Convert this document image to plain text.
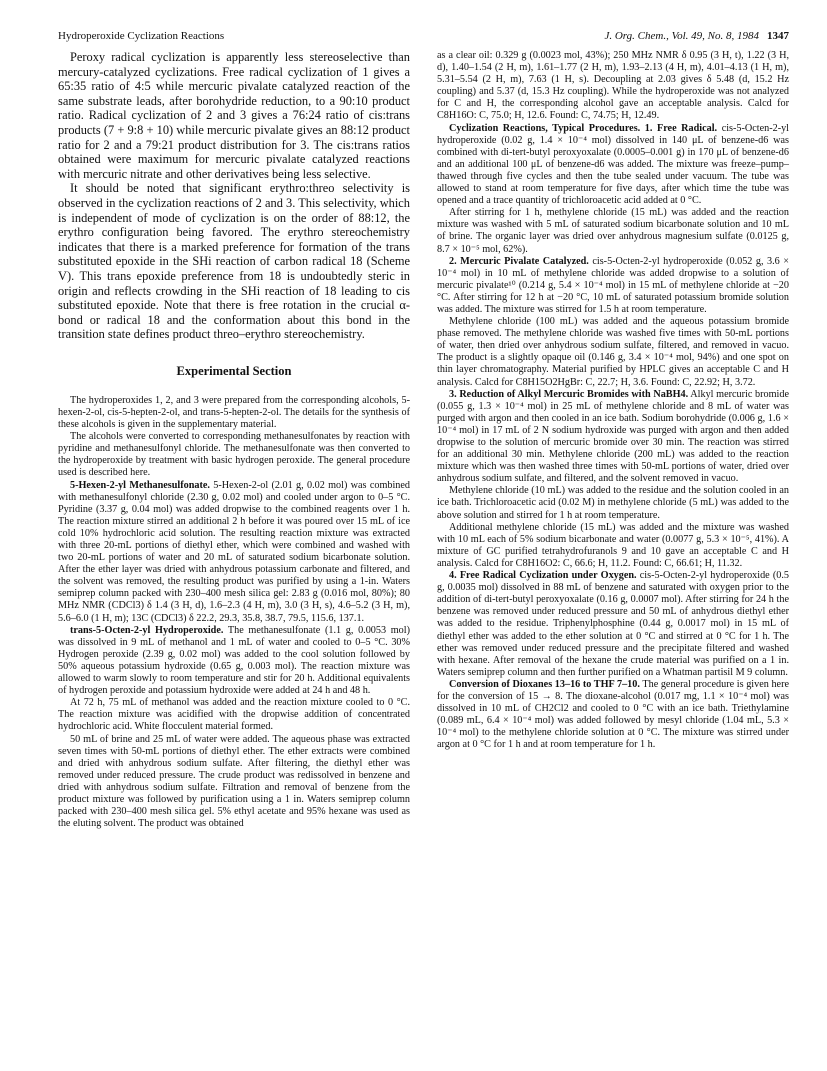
Hydroperoxide Cyclization Reactions	J. Org. Chem., Vol. 49, No. 8, 1984 1347

Peroxy radical cyclization is apparently less stereoselective than mercury-catalyzed cyclizations. Free radical cyclization of 1 gives a 65:35 ratio of 4:5 while mercuric pivalate catalyzed reaction of the same substrate leads, after borohydride reduction, to a 90:10 product ratio. Radical cyclization of 2 and 3 gives a 76:24 ratio of cis:trans products (7 + 9:8 + 10) while mercuric pivalate gives an 88:12 product ratio for 2 and a 79:21 product distribution for 3. The cis:trans ratios obtained were maximum for mercuric pivalate catalyzed reactions with mercuric nitrate and other derivatives being less selective.

It should be noted that significant erythro:threo selectivity is observed in the cyclization reactions of 2 and 3. This selectivity, which is independent of mode of cyclization is on the order of 88:12, the erythro configuration being favored. The erythro stereochemistry indicates that there is a marked preference for formation of the trans substituted epoxide in the SHi reaction of carbon radical 18 (Scheme V). This trans epoxide preference from 18 is undoubtedly steric in origin and reflects crowding in the SHi reaction of 18 leading to cis substituted epoxide. Note that there is free rotation in the crucial α-bond or radical 18 and the conformation about this bond in the transition state defines product threo–erythro stereochemistry.

Experimental Section

The hydroperoxides 1, 2, and 3 were prepared from the corresponding alcohols, 5-hexen-2-ol, cis-5-hepten-2-ol, and trans-5-hepten-2-ol. The details for the synthesis of these alcohols is given in the supplementary material.

The alcohols were converted to corresponding methanesulfonates by reaction with pyridine and methanesulfonyl chloride. The methanesulfonate was then converted to the hydroperoxide by treatment with basic hydrogen peroxide. The general procedure used is described here.

5-Hexen-2-yl Methanesulfonate. 5-Hexen-2-ol (2.01 g, 0.02 mol) was combined with methanesulfonyl chloride (2.30 g, 0.02 mol) and cooled under argon to 0–5 °C. Pyridine (3.37 g, 0.04 mol) was added dropwise to the combined reagents over 1 h. The reaction mixture stirred an additional 2 h before it was poured over 15 mL of ice cold 10% hydrochloric acid solution. The resulting reaction mixture was extracted with three 20-mL portions of diethyl ether, which were combined and washed with two 20-mL portions of water and 20 mL of saturated sodium bicarbonate solution. After the ether layer was dried with anhydrous potassium carbonate and filtered, and the solvent was removed, the resulting product was purified by using a 1-in. Waters semiprep column packed with 230–400 mesh silica gel: 2.83 g (0.016 mol, 80%); 80 MHz NMR (CDCl3) δ 1.4 (3 H, d), 1.6–2.3 (4 H, m), 3.0 (3 H, s), 4.6–5.2 (3 H, m), 5.6–6.0 (1 H, m); 13C (CDCl3) δ 22.2, 29.3, 35.8, 38.7, 79.5, 115.6, 137.1.

trans-5-Octen-2-yl Hydroperoxide. The methanesulfonate (1.1 g, 0.0053 mol) was dissolved in 9 mL of methanol and 1 mL of water and cooled to 0–5 °C. 30% Hydrogen peroxide (2.39 g, 0.02 mol) was added to the cool solution followed by 50% aqueous potassium hydroxide (0.65 g, 0.003 mol). The reaction mixture was allowed to warm slowly to room temperature and stir for 20 h. Additional equivalents of hydrogen peroxide and potassium hydroxide were added at 24 h and 48 h.

At 72 h, 75 mL of methanol was added and the reaction mixture cooled to 0 °C. The reaction mixture was acidified with the dropwise addition of concentrated hydrochloric acid. White flocculent material formed.

50 mL of brine and 25 mL of water were added. The aqueous phase was extracted seven times with 50-mL portions of diethyl ether. The ether extracts were combined and dried with anhydrous sodium sulfate. After filtering, the diethyl ether was removed under reduced pressure. The crude product was redissolved in benzene and dried with anhydrous sodium sulfate. Filtration and removal of benzene from the product mixture was followed by purification using a 1 in. Waters semiprep column packed with 230–400 mesh silica gel. 5% ethyl acetate and 95% hexane was used as the eluting solvent. The product was obtained

as a clear oil: 0.329 g (0.0023 mol, 43%); 250 MHz NMR δ 0.95 (3 H, t), 1.22 (3 H, d), 1.40–1.54 (2 H, m), 1.61–1.77 (2 H, m), 1.93–2.13 (4 H, m), 4.01–4.13 (1 H, m), 5.31–5.54 (2 H, m), 7.63 (1 H, s). Decoupling at 2.03 gives δ 5.48 (d, 15.2 Hz coupling) and 5.37 (d, 15.3 Hz coupling). While the hydroperoxide was not analyzed for C and H, the corresponding alcohol gave an acceptable analysis. Calcd for C8H16O: C, 75.0; H, 12.6. Found: C, 74.75; H, 12.49.

Cyclization Reactions, Typical Procedures. 1. Free Radical. cis-5-Octen-2-yl hydroperoxide (0.02 g, 1.4 × 10⁻⁴ mol) dissolved in 140 μL of benzene-d6 was combined with di-tert-butyl peroxyoxalate (0.0005–0.001 g) in 170 μL of benzene-d6 and an additional 100 μL of benzene-d6 was added. The mixture was freeze–pump–thawed through five cycles and then the tube sealed under vacuum. The tube was allowed to stand at room temperature for five days, after which time the tube was opened and a trace quantity of trichloroacetic acid added at 0 °C.

After stirring for 1 h, methylene chloride (15 mL) was added and the reaction mixture was washed with 5 mL of saturated sodium bicarbonate solution and 10 mL of brine. The organic layer was dried over anhydrous magnesium sulfate (0.0125 g, 8.7 × 10⁻⁵ mol, 62%).

2. Mercuric Pivalate Catalyzed. cis-5-Octen-2-yl hydroperoxide (0.052 g, 3.6 × 10⁻⁴ mol) in 10 mL of methylene chloride was added dropwise to a solution of mercuric pivalate¹⁰ (0.214 g, 5.4 × 10⁻⁴ mol) in 15 mL of methylene chloride at −20 °C. After stirring for 12 h at −20 °C, 10 mL of saturated potassium bromide solution was added. The mixture was stirred for 1.5 h at room temperature.

Methylene chloride (100 mL) was added and the aqueous potassium bromide phase removed. The methylene chloride was washed five times with 50-mL portions of water, then dried over anhydrous sodium sulfate, filtered, and removed in vacuo. The product is a slightly opaque oil (0.146 g, 3.4 × 10⁻⁴ mol, 94%) and one spot on thin layer chromatography. Material purified by HPLC gives an acceptable C and H analysis. Calcd for C8H15O2HgBr: C, 22.7; H, 3.6. Found: C, 22.92; H, 3.72.

3. Reduction of Alkyl Mercuric Bromides with NaBH4. Alkyl mercuric bromide (0.055 g, 1.3 × 10⁻⁴ mol) in 25 mL of methylene chloride and 8 mL of water was purged with argon and then cooled in an ice bath. Sodium borohydride (0.006 g, 1.6 × 10⁻⁴ mol) in 17 mL of 2 N sodium hydroxide was purged with argon and then added dropwise to the solution of mercuric bromide over 30 min. The reaction was stirred for an additional 30 min. Methylene chloride (200 mL) was added to the reaction mixture which was then washed three times with 50-mL portions of water, dried over anhydrous sodium sulfate, and filtered, and the solvent removed in vacuo.

Methylene chloride (10 mL) was added to the residue and the solution cooled in an ice bath. Trichloroacetic acid (0.02 M) in methylene chloride (5 mL) was added to the above solution and stirred for 1 h at room temperature.

Additional methylene chloride (15 mL) was added and the mixture was washed with 10 mL each of 5% sodium bicarbonate and water (0.0077 g, 5.3 × 10⁻⁵, 41%). A mixture of GC purified tetrahydrofuranols 9 and 10 gave an acceptable C and H analysis. Calcd for C8H16O2: C, 66.6; H, 11.2. Found: C, 66.61; H, 11.32.

4. Free Radical Cyclization under Oxygen. cis-5-Octen-2-yl hydroperoxide (0.5 g, 0.0035 mol) dissolved in 88 mL of benzene and saturated with oxygen prior to the addition of di-tert-butyl peroxyoxalate (0.16 g, 0.0007 mol). After stirring for 24 h the benzene was removed under reduced pressure and 50 mL of anhydrous diethyl ether was added to the residue. Triphenylphosphine (0.44 g, 0.0017 mol) in 15 mL of diethyl ether was added to the ether solution at 0 °C and stirred at 0 °C for 1 h. The ether was removed under reduced pressure and the precipitate filtered and washed with hexane. After removal of the hexane the crude material was purified on a 1 in. Waters semiprep column and then further purified on a Whatman partisil M 9 column.

Conversion of Dioxanes 13–16 to THF 7–10. The general procedure is given here for the conversion of 15 → 8. The dioxane-alcohol (0.017 mg, 1.1 × 10⁻⁴ mol) was dissolved in 10 mL of CH2Cl2 and cooled to 0 °C with an ice bath. Triethylamine (0.089 mL, 6.4 × 10⁻⁴ mol) was added followed by mesyl chloride (1.04 mL, 5.3 × 10⁻⁴ mol) to the methylene chloride solution at 0 °C. The mixture was stirred under argon at 0 °C for 1 h and at room temperature for 1 h.
